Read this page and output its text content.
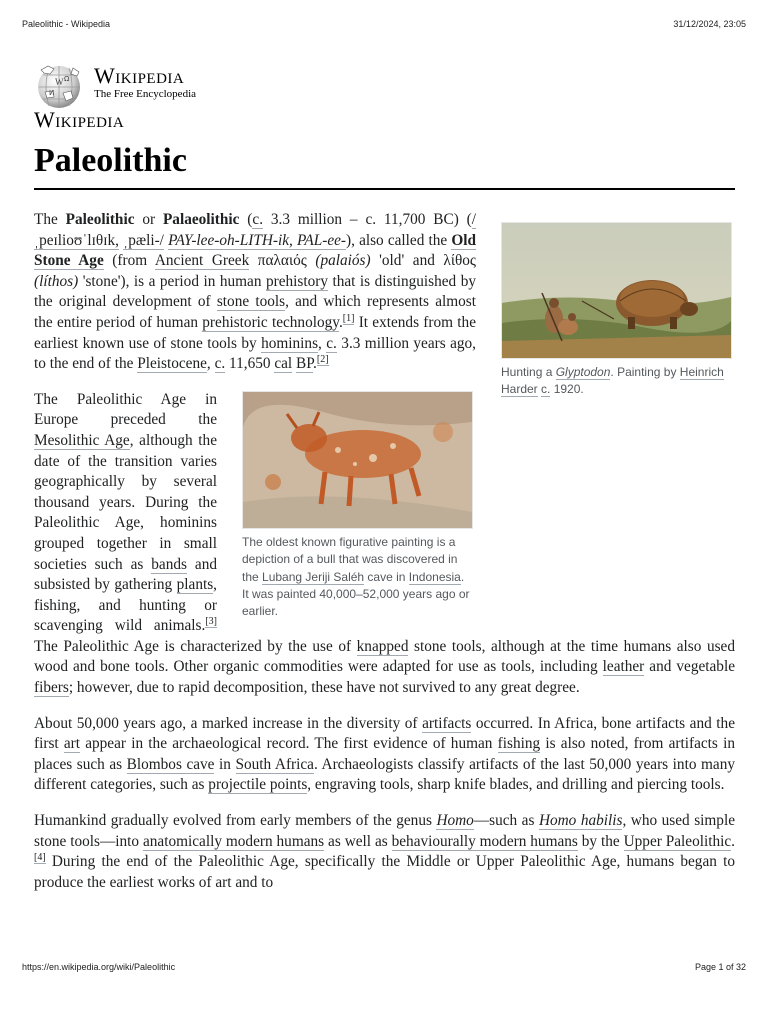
Paleolithic - Wikipedia	31/12/2024, 23:05
W Ω
И
Wikipedia
The Free Encyclopedia
Wikipedia
Paleolithic
Hunting a Glyptodon. Painting by Heinrich Harder c. 1920.

The Paleolithic or Palaeolithic (c. 3.3 million – c. 11,700 BC) (/ˌpeɪlioʊˈlɪθɪk, ˌpæli-/ PAY-lee-oh-LITH-ik, PAL-ee-), also called the Old Stone Age (from Ancient Greek παλαιός (palaiós) 'old' and λίθος (líthos) 'stone'), is a period in human prehistory that is distinguished by the original development of stone tools, and which represents almost the entire period of human prehistoric technology.[1] It extends from the earliest known use of stone tools by hominins, c. 3.3 million years ago, to the end of the Pleistocene, c. 11,650 cal BP.[2]

The oldest known figurative painting is a depiction of a bull that was discovered in the Lubang Jeriji Saléh cave in Indonesia. It was painted 40,000–52,000 years ago or earlier.

The Paleolithic Age in Europe preceded the Mesolithic Age, although the date of the transition varies geographically by several thousand years. During the Paleolithic Age, hominins grouped together in small societies such as bands and subsisted by gathering plants, fishing, and hunting or scavenging wild animals.[3] The Paleolithic Age is characterized by the use of knapped stone tools, although at the time humans also used wood and bone tools. Other organic commodities were adapted for use as tools, including leather and vegetable fibers; however, due to rapid decomposition, these have not survived to any great degree.

About 50,000 years ago, a marked increase in the diversity of artifacts occurred. In Africa, bone artifacts and the first art appear in the archaeological record. The first evidence of human fishing is also noted, from artifacts in places such as Blombos cave in South Africa. Archaeologists classify artifacts of the last 50,000 years into many different categories, such as projectile points, engraving tools, sharp knife blades, and drilling and piercing tools.

Humankind gradually evolved from early members of the genus Homo—such as Homo habilis, who used simple stone tools—into anatomically modern humans as well as behaviourally modern humans by the Upper Paleolithic.[4] During the end of the Paleolithic Age, specifically the Middle or Upper Paleolithic Age, humans began to produce the earliest works of art and to

https://en.wikipedia.org/wiki/Paleolithic	Page 1 of 32
